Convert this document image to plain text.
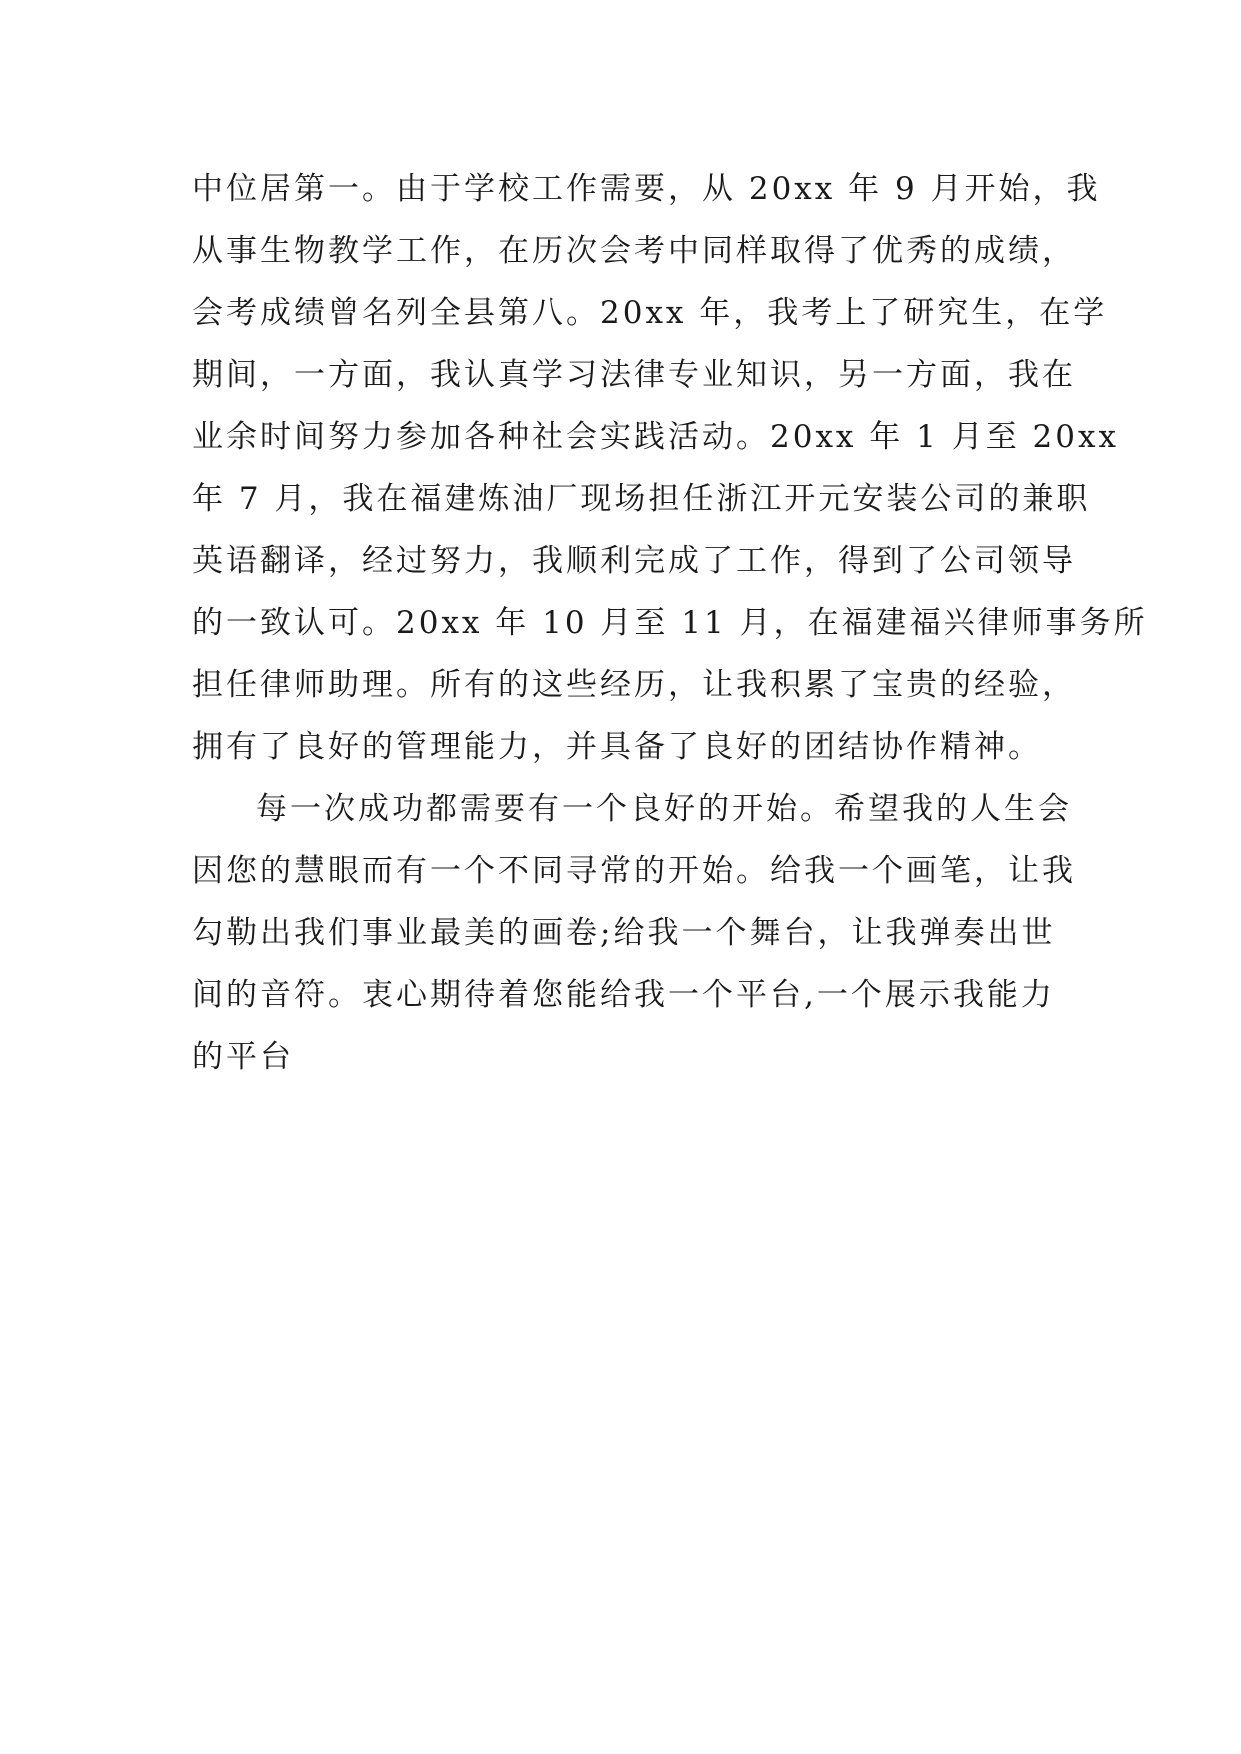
中位居第一。由于学校工作需要，从 20xx 年 9 月开始，我
从事生物教学工作，在历次会考中同样取得了优秀的成绩，
会考成绩曾名列全县第八。20xx 年，我考上了研究生，在学
期间，一方面，我认真学习法律专业知识，另一方面，我在
业余时间努力参加各种社会实践活动。20xx 年 1 月至 20xx
年 7 月，我在福建炼油厂现场担任浙江开元安装公司的兼职
英语翻译，经过努力，我顺利完成了工作，得到了公司领导
的一致认可。20xx 年 10 月至 11 月，在福建福兴律师事务所
担任律师助理。所有的这些经历，让我积累了宝贵的经验，
拥有了良好的管理能力，并具备了良好的团结协作精神。
每一次成功都需要有一个良好的开始。希望我的人生会
因您的慧眼而有一个不同寻常的开始。给我一个画笔，让我
勾勒出我们事业最美的画卷;给我一个舞台，让我弹奏出世
间的音符。衷心期待着您能给我一个平台,一个展示我能力
的平台
